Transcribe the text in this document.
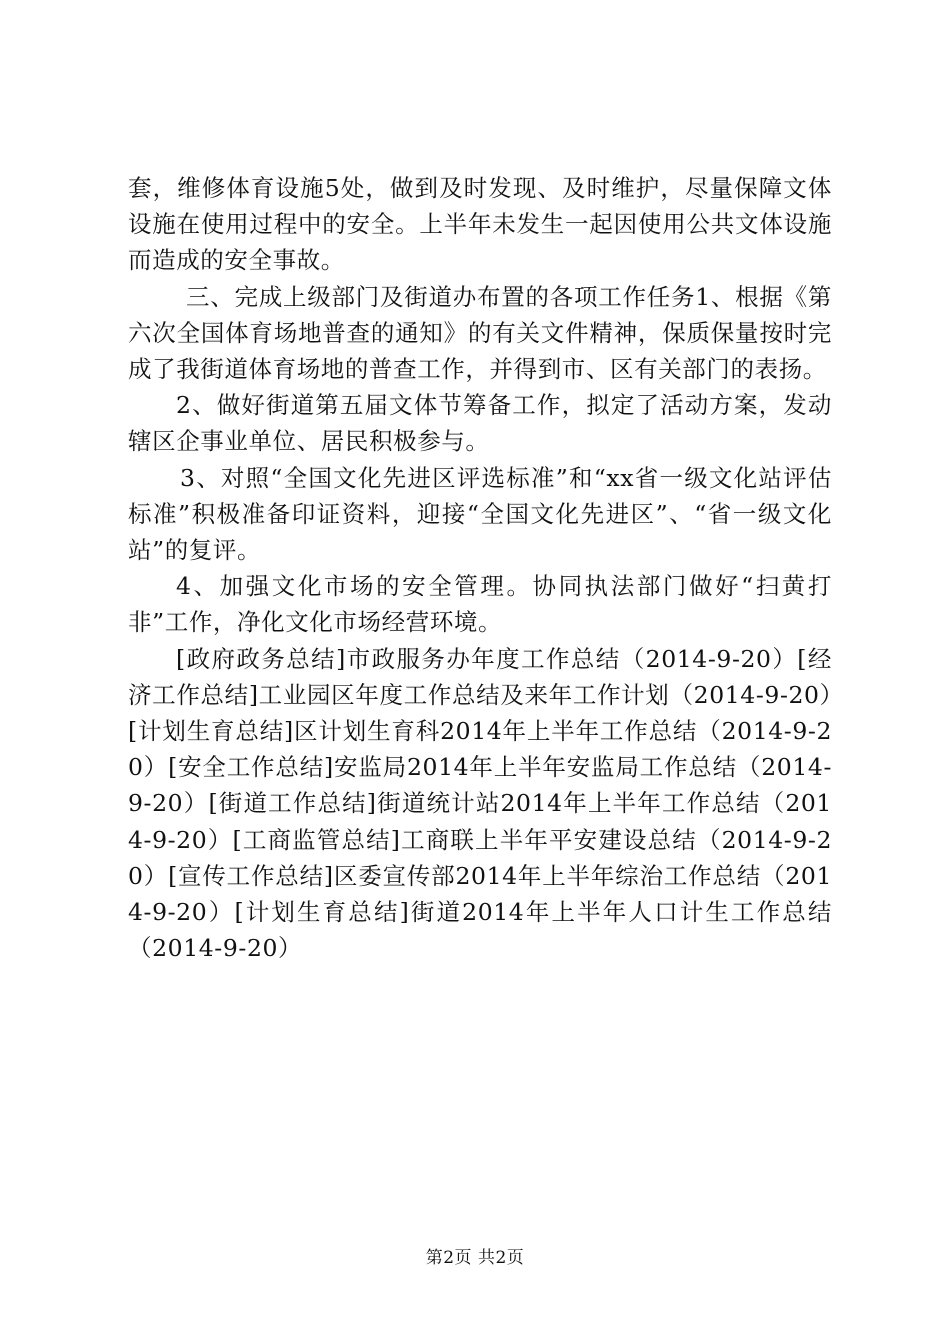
套，维修体育设施5处，做到及时发现、及时维护，尽量保障文体设施在使用过程中的安全。上半年未发生一起因使用公共文体设施而造成的安全事故。

三、完成上级部门及街道办布置的各项工作任务1、根据《第六次全国体育场地普查的通知》的有关文件精神，保质保量按时完成了我街道体育场地的普查工作，并得到市、区有关部门的表扬。

2、做好街道第五届文体节筹备工作，拟定了活动方案，发动辖区企事业单位、居民积极参与。

3、对照“全国文化先进区评选标准”和“xx省一级文化站评估标准”积极准备印证资料，迎接“全国文化先进区”、“省一级文化站”的复评。

4、加强文化市场的安全管理。协同执法部门做好“扫黄打非”工作，净化文化市场经营环境。

[政府政务总结]市政服务办年度工作总结（2014-9-20）[经济工作总结]工业园区年度工作总结及来年工作计划（2014-9-20）[计划生育总结]区计划生育科2014年上半年工作总结（2014-9-20）[安全工作总结]安监局2014年上半年安监局工作总结（2014-9-20）[街道工作总结]街道统计站2014年上半年工作总结（2014-9-20）[工商监管总结]工商联上半年平安建设总结（2014-9-20）[宣传工作总结]区委宣传部2014年上半年综治工作总结（2014-9-20）[计划生育总结]街道2014年上半年人口计生工作总结（2014-9-20）

第2页 共2页
